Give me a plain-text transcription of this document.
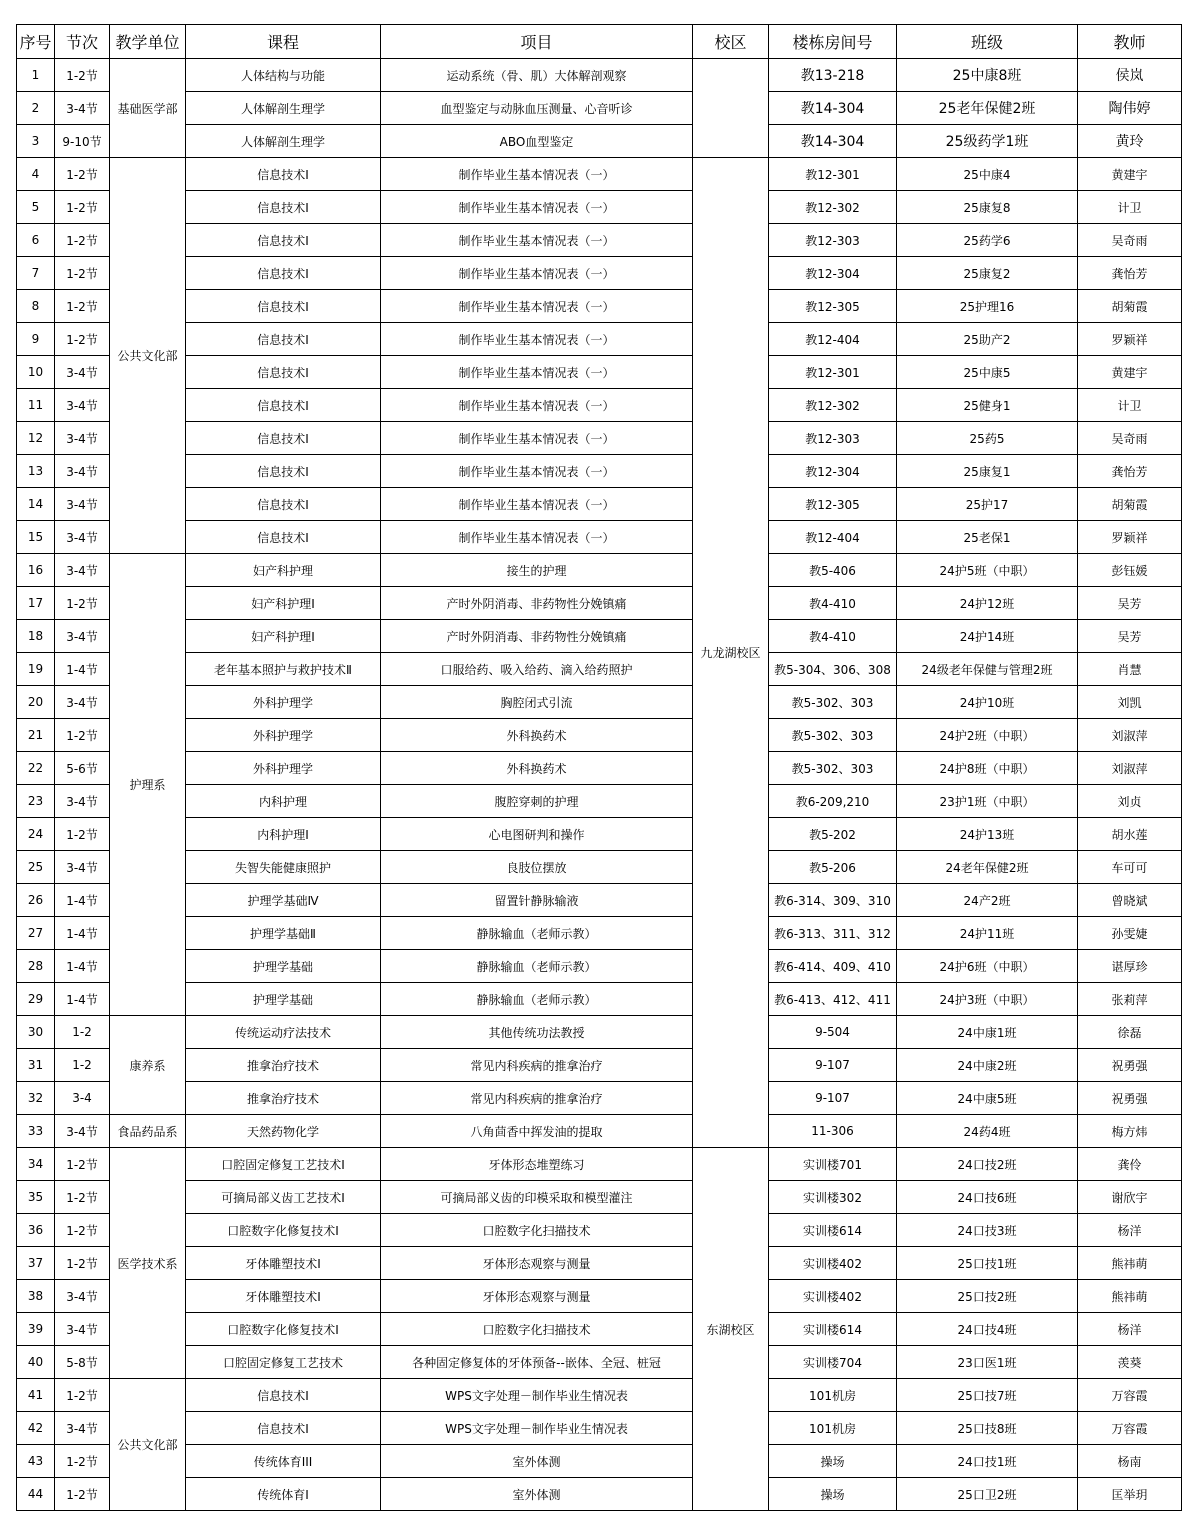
序号	节次	教学单位	课程	项目	校区	楼栋房间号	班级	教师
1	1-2节	基础医学部	人体结构与功能	运动系统（骨、肌）大体解剖观察		教13-218	25中康8班	侯岚
2	3-4节		人体解剖生理学	血型鉴定与动脉血压测量、心音听诊		教14-304	25老年保健2班	陶伟婷
3	9-10节		人体解剖生理学	ABO血型鉴定		教14-304	25级药学1班	黄玲
4	1-2节	公共文化部	信息技术Ⅰ	制作毕业生基本情况表（一）	九龙湖校区	教12-301	25中康4	黄建宇
5	1-2节		信息技术Ⅰ	制作毕业生基本情况表（一）		教12-302	25康复8	计卫
6	1-2节		信息技术Ⅰ	制作毕业生基本情况表（一）		教12-303	25药学6	吴奇雨
7	1-2节		信息技术Ⅰ	制作毕业生基本情况表（一）		教12-304	25康复2	龚怡芳
8	1-2节		信息技术Ⅰ	制作毕业生基本情况表（一）		教12-305	25护理16	胡菊霞
9	1-2节		信息技术Ⅰ	制作毕业生基本情况表（一）		教12-404	25助产2	罗颖祥
10	3-4节		信息技术Ⅰ	制作毕业生基本情况表（一）		教12-301	25中康5	黄建宇
11	3-4节		信息技术Ⅰ	制作毕业生基本情况表（一）		教12-302	25健身1	计卫
12	3-4节		信息技术Ⅰ	制作毕业生基本情况表（一）		教12-303	25药5	吴奇雨
13	3-4节		信息技术Ⅰ	制作毕业生基本情况表（一）		教12-304	25康复1	龚怡芳
14	3-4节		信息技术Ⅰ	制作毕业生基本情况表（一）		教12-305	25护17	胡菊霞
15	3-4节		信息技术Ⅰ	制作毕业生基本情况表（一）		教12-404	25老保1	罗颖祥
16	3-4节	护理系	妇产科护理	接生的护理		教5-406	24护5班（中职）	彭钰媛
17	1-2节		妇产科护理Ⅰ	产时外阴消毒、非药物性分娩镇痛		教4-410	24护12班	吴芳
18	3-4节		妇产科护理Ⅰ	产时外阴消毒、非药物性分娩镇痛		教4-410	24护14班	吴芳
19	1-4节		老年基本照护与救护技术Ⅱ	口服给药、吸入给药、滴入给药照护		教5-304、306、308	24级老年保健与管理2班	肖慧
20	3-4节		外科护理学	胸腔闭式引流		教5-302、303	24护10班	刘凯
21	1-2节		外科护理学	外科换药术		教5-302、303	24护2班（中职）	刘淑萍
22	5-6节		外科护理学	外科换药术		教5-302、303	24护8班（中职）	刘淑萍
23	3-4节		内科护理	腹腔穿刺的护理		教6-209,210	23护1班（中职）	刘贞
24	1-2节		内科护理Ⅰ	心电图研判和操作		教5-202	24护13班	胡水莲
25	3-4节		失智失能健康照护	良肢位摆放		教5-206	24老年保健2班	车可可
26	1-4节		护理学基础Ⅳ	留置针静脉输液		教6-314、309、310	24产2班	曾晓斌
27	1-4节		护理学基础Ⅱ	静脉输血（老师示教）		教6-313、311、312	24护11班	孙雯婕
28	1-4节		护理学基础	静脉输血（老师示教）		教6-414、409、410	24护6班（中职）	谌厚珍
29	1-4节		护理学基础	静脉输血（老师示教）		教6-413、412、411	24护3班（中职）	张莉萍
30	1-2	康养系	传统运动疗法技术	其他传统功法教授		9-504	24中康1班	徐磊
31	1-2		推拿治疗技术	常见内科疾病的推拿治疗		9-107	24中康2班	祝勇强
32	3-4		推拿治疗技术	常见内科疾病的推拿治疗		9-107	24中康5班	祝勇强
33	3-4节	食品药品系	天然药物化学	八角茴香中挥发油的提取		11-306	24药4班	梅方炜
34	1-2节	医学技术系	口腔固定修复工艺技术Ⅰ	牙体形态堆塑练习	东湖校区	实训楼701	24口技2班	龚伶
35	1-2节		可摘局部义齿工艺技术Ⅰ	可摘局部义齿的印模采取和模型灌注		实训楼302	24口技6班	谢欣宇
36	1-2节		口腔数字化修复技术Ⅰ	口腔数字化扫描技术		实训楼614	24口技3班	杨洋
37	1-2节		牙体雕塑技术Ⅰ	牙体形态观察与测量		实训楼402	25口技1班	熊祎萌
38	3-4节		牙体雕塑技术Ⅰ	牙体形态观察与测量		实训楼402	25口技2班	熊祎萌
39	3-4节		口腔数字化修复技术Ⅰ	口腔数字化扫描技术		实训楼614	24口技4班	杨洋
40	5-8节		口腔固定修复工艺技术	各种固定修复体的牙体预备--嵌体、全冠、桩冠		实训楼704	23口医1班	羡葵
41	1-2节	公共文化部	信息技术Ⅰ	WPS文字处理－制作毕业生情况表		101机房	25口技7班	万容霞
42	3-4节		信息技术Ⅰ	WPS文字处理－制作毕业生情况表		101机房	25口技8班	万容霞
43	1-2节		传统体育III	室外体测		操场	24口技1班	杨南
44	1-2节		传统体育I	室外体测		操场	25口卫2班	匡举玥
